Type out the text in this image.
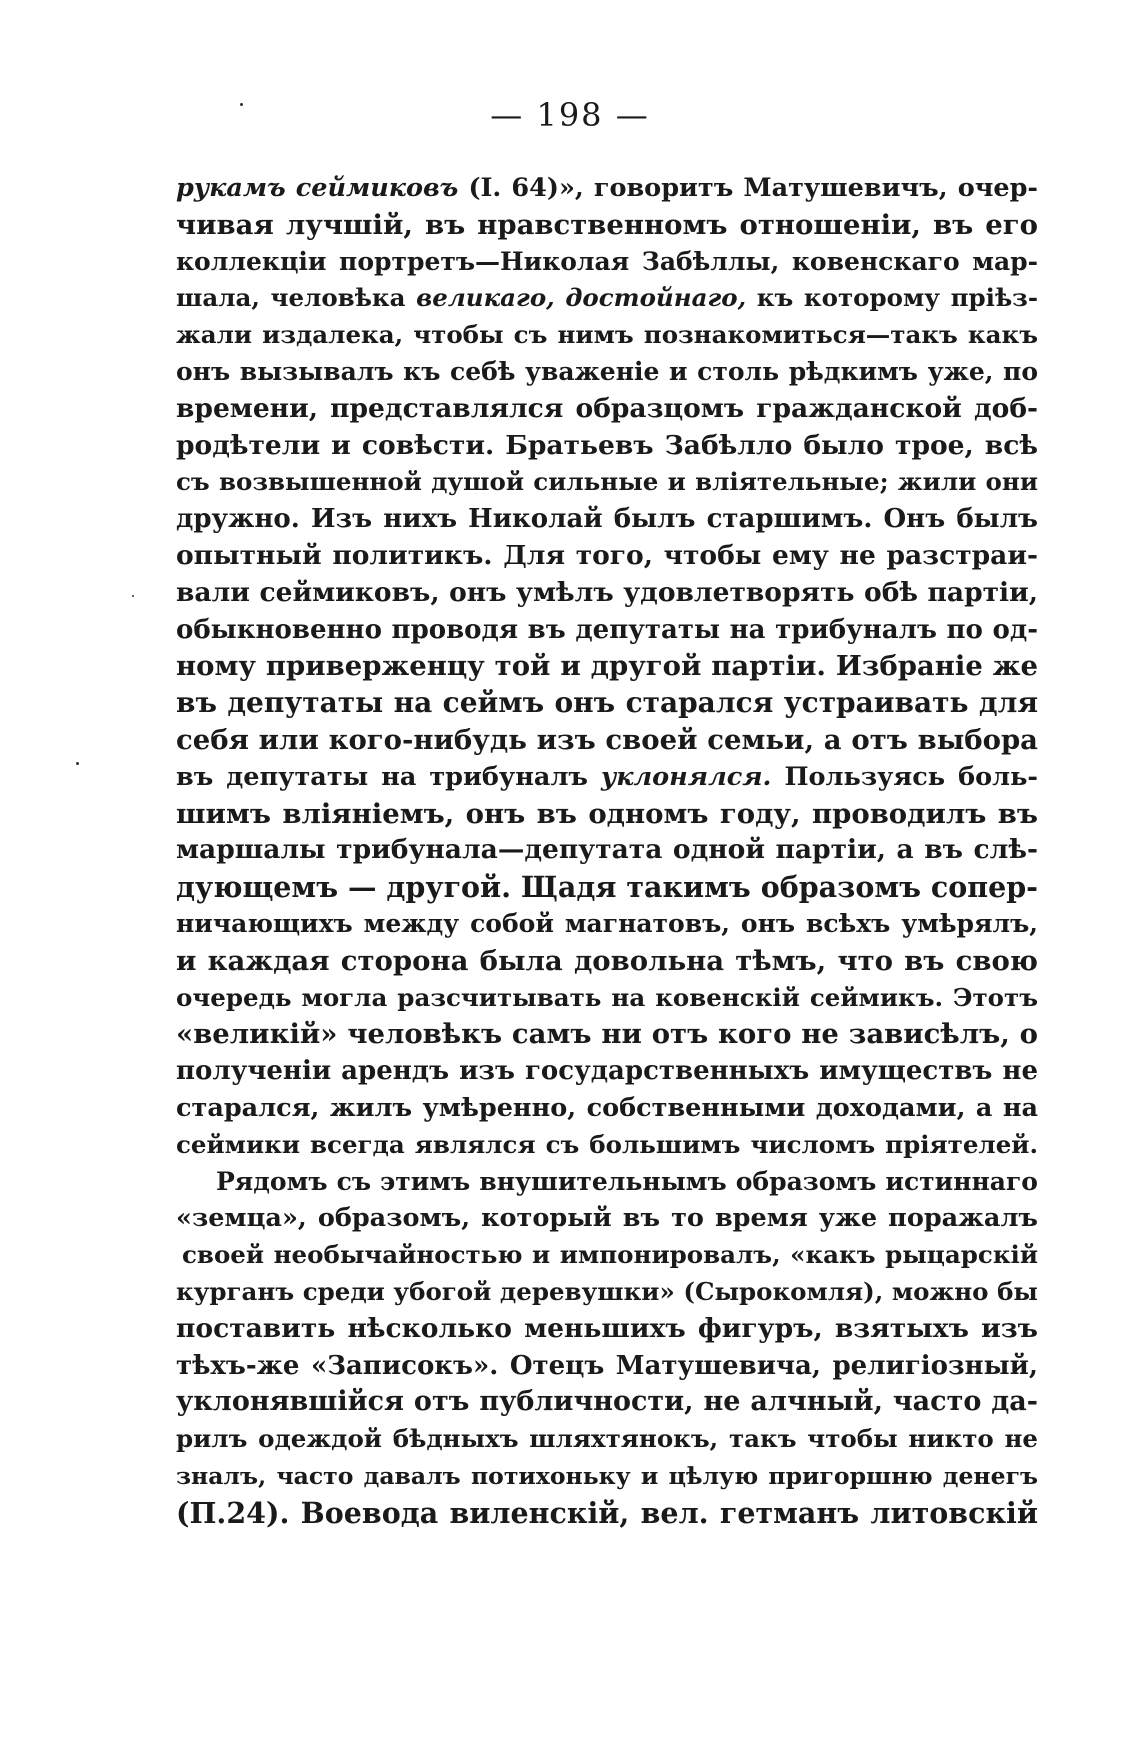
— 198 —
рукамъ сеймиковъ (I. 64)», говоритъ Матушевичъ, очер-
чивая лучшій, въ нравственномъ отношеніи, въ его
коллекціи портретъ—Николая Забѣллы, ковенскаго мар-
шала, человѣка великаго, достойнаго, къ которому пріѣз-
жали издалека, чтобы съ нимъ познакомиться—такъ какъ
онъ вызывалъ къ себѣ уваженіе и столь рѣдкимъ уже, по
времени, представлялся образцомъ гражданской доб-
родѣтели и совѣсти. Братьевъ Забѣлло было трое, всѣ
съ возвышенной душой сильные и вліятельные; жили они
дружно. Изъ нихъ Николай былъ старшимъ. Онъ былъ
опытный политикъ. Для того, чтобы ему не разстраи-
вали сеймиковъ, онъ умѣлъ удовлетворять обѣ партіи,
обыкновенно проводя въ депутаты на трибуналъ по од-
ному приверженцу той и другой партіи. Избраніе же
въ депутаты на сеймъ онъ старался устраивать для
себя или кого-нибудь изъ своей семьи, а отъ выбора
въ депутаты на трибуналъ уклонялся. Пользуясь боль-
шимъ вліяніемъ, онъ въ одномъ году, проводилъ въ
маршалы трибунала—депутата одной партіи, а въ слѣ-
дующемъ — другой. Щадя такимъ образомъ сопер-
ничающихъ между собой магнатовъ, онъ всѣхъ умѣрялъ,
и каждая сторона была довольна тѣмъ, что въ свою
очередь могла разсчитывать на ковенскій сеймикъ. Этотъ
«великій» человѣкъ самъ ни отъ кого не зависѣлъ, о
полученіи арендъ изъ государственныхъ имуществъ не
старался, жилъ умѣренно, собственными доходами, а на
сеймики всегда являлся съ большимъ числомъ пріятелей.
Рядомъ съ этимъ внушительнымъ образомъ истиннаго
«земца», образомъ, который въ то время уже поражалъ
своей необычайностью и импонировалъ, «какъ рыцарскій
курганъ среди убогой деревушки» (Сырокомля), можно бы
поставить нѣсколько меньшихъ фигуръ, взятыхъ изъ
тѣхъ-же «Записокъ». Отецъ Матушевича, религіозный,
уклонявшійся отъ публичности, не алчный, часто да-
рилъ одеждой бѣдныхъ шляхтянокъ, такъ чтобы никто не
зналъ, часто давалъ потихоньку и цѣлую пригоршню денегъ
(П.24). Воевода виленскій, вел. гетманъ литовскій
